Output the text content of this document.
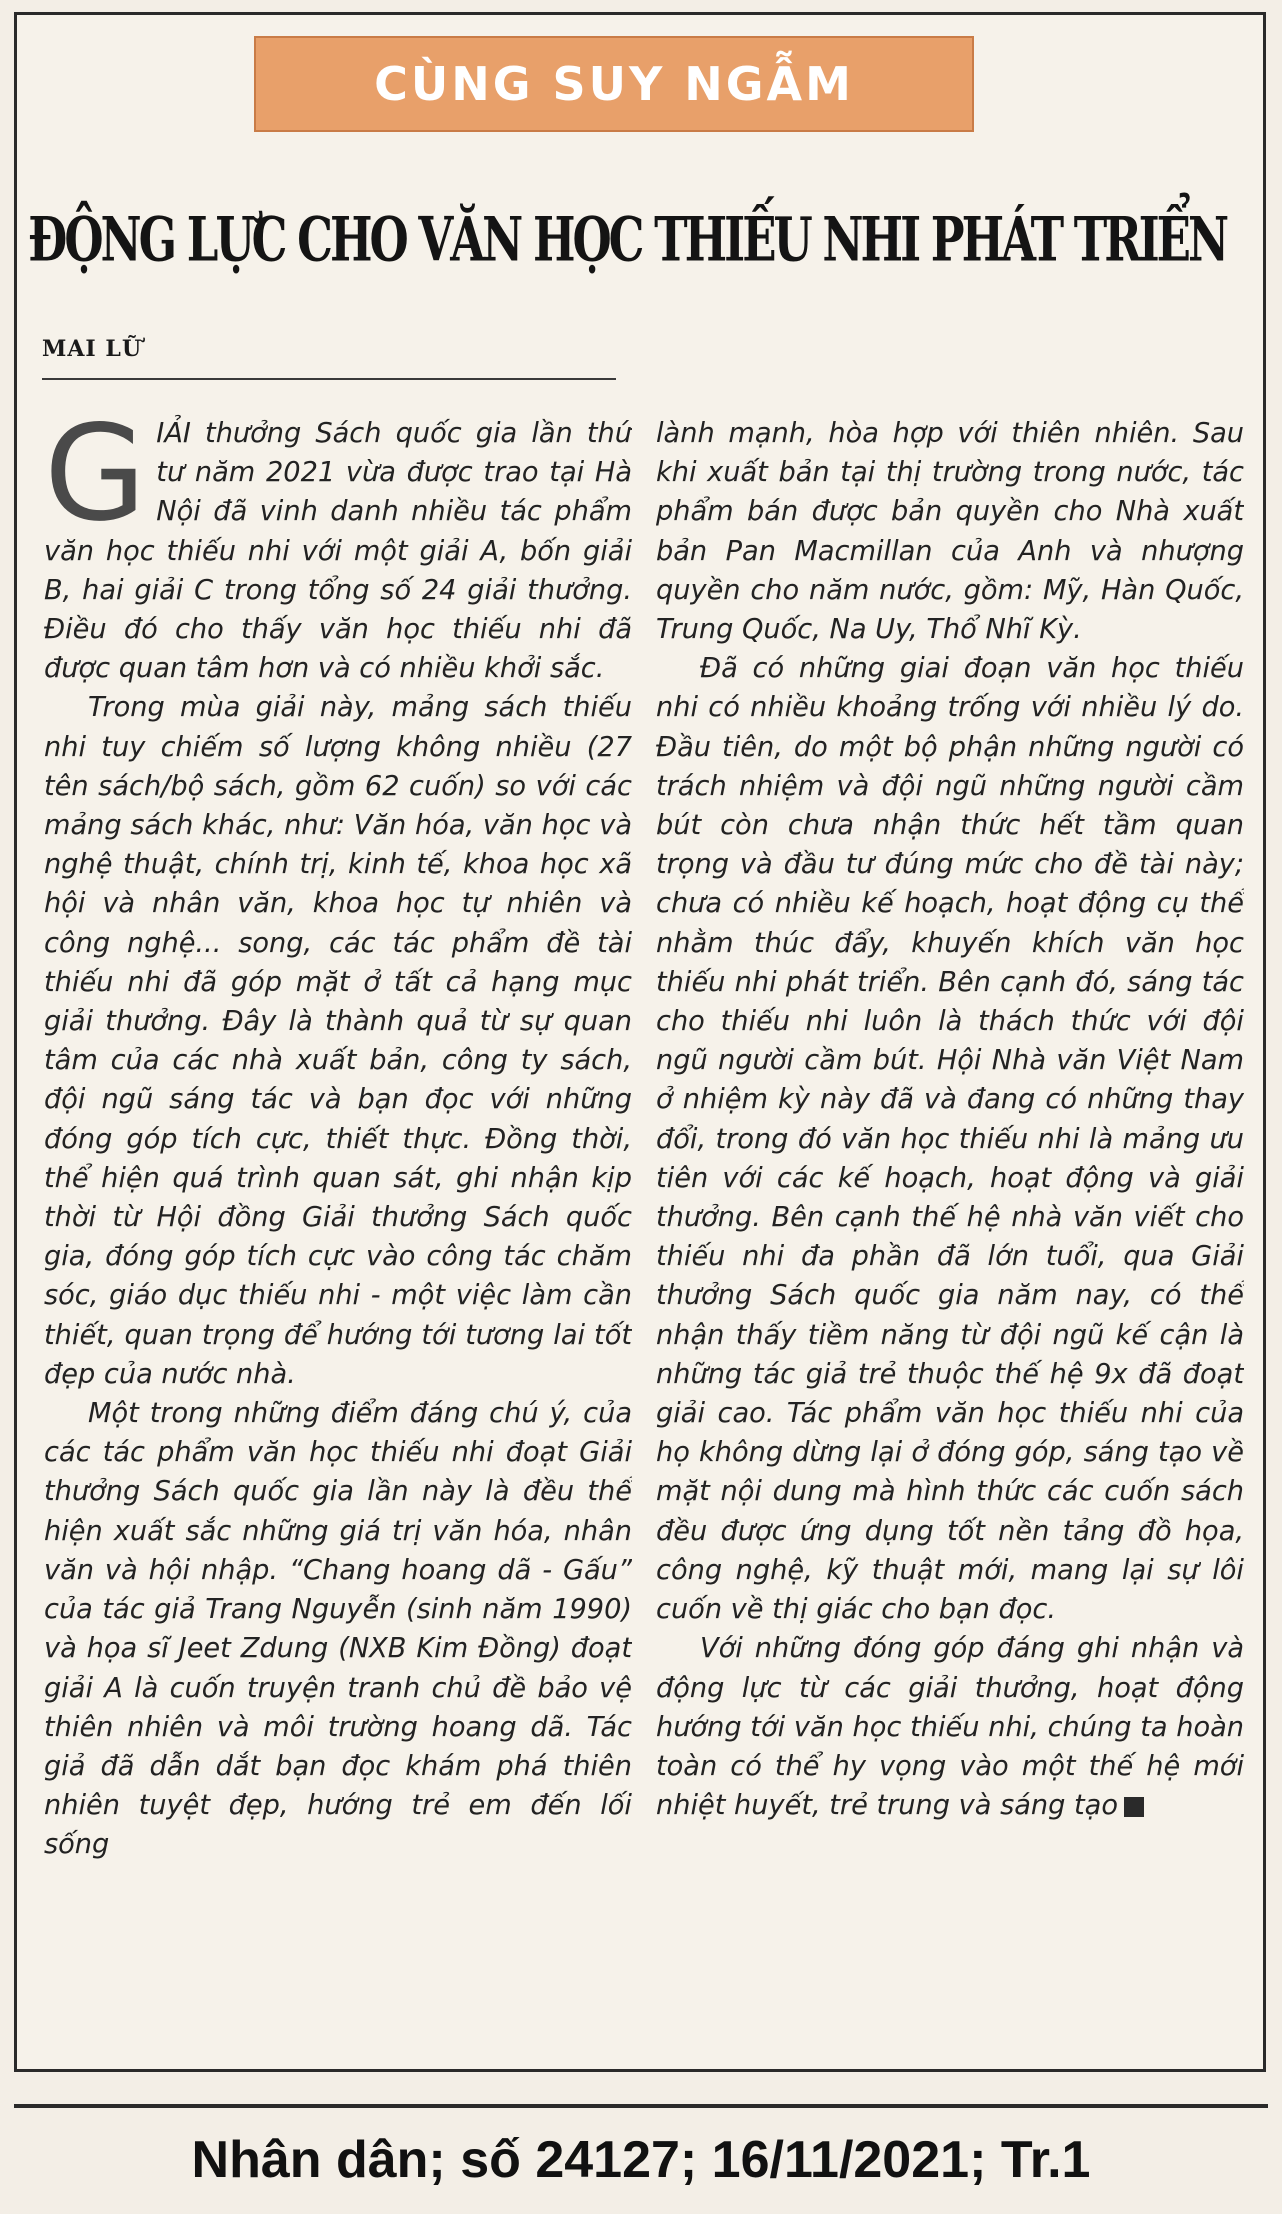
CÙNG SUY NGẪM
ĐỘNG LỰC CHO VĂN HỌC THIẾU NHI PHÁT TRIỂN

MAI LỮ

GIẢI thưởng Sách quốc gia lần thứ tư năm 2021 vừa được trao tại Hà Nội đã vinh danh nhiều tác phẩm văn học thiếu nhi với một giải A, bốn giải B, hai giải C trong tổng số 24 giải thưởng. Điều đó cho thấy văn học thiếu nhi đã được quan tâm hơn và có nhiều khởi sắc.

Trong mùa giải này, mảng sách thiếu nhi tuy chiếm số lượng không nhiều (27 tên sách/bộ sách, gồm 62 cuốn) so với các mảng sách khác, như: Văn hóa, văn học và nghệ thuật, chính trị, kinh tế, khoa học xã hội và nhân văn, khoa học tự nhiên và công nghệ... song, các tác phẩm đề tài thiếu nhi đã góp mặt ở tất cả hạng mục giải thưởng. Đây là thành quả từ sự quan tâm của các nhà xuất bản, công ty sách, đội ngũ sáng tác và bạn đọc với những đóng góp tích cực, thiết thực. Đồng thời, thể hiện quá trình quan sát, ghi nhận kịp thời từ Hội đồng Giải thưởng Sách quốc gia, đóng góp tích cực vào công tác chăm sóc, giáo dục thiếu nhi - một việc làm cần thiết, quan trọng để hướng tới tương lai tốt đẹp của nước nhà.

Một trong những điểm đáng chú ý, của các tác phẩm văn học thiếu nhi đoạt Giải thưởng Sách quốc gia lần này là đều thể hiện xuất sắc những giá trị văn hóa, nhân văn và hội nhập. “Chang hoang dã - Gấu” của tác giả Trang Nguyễn (sinh năm 1990) và họa sĩ Jeet Zdung (NXB Kim Đồng) đoạt giải A là cuốn truyện tranh chủ đề bảo vệ thiên nhiên và môi trường hoang dã. Tác giả đã dẫn dắt bạn đọc khám phá thiên nhiên tuyệt đẹp, hướng trẻ em đến lối sống

lành mạnh, hòa hợp với thiên nhiên. Sau khi xuất bản tại thị trường trong nước, tác phẩm bán được bản quyền cho Nhà xuất bản Pan Macmillan của Anh và nhượng quyền cho năm nước, gồm: Mỹ, Hàn Quốc, Trung Quốc, Na Uy, Thổ Nhĩ Kỳ.

Đã có những giai đoạn văn học thiếu nhi có nhiều khoảng trống với nhiều lý do. Đầu tiên, do một bộ phận những người có trách nhiệm và đội ngũ những người cầm bút còn chưa nhận thức hết tầm quan trọng và đầu tư đúng mức cho đề tài này; chưa có nhiều kế hoạch, hoạt động cụ thể nhằm thúc đẩy, khuyến khích văn học thiếu nhi phát triển. Bên cạnh đó, sáng tác cho thiếu nhi luôn là thách thức với đội ngũ người cầm bút. Hội Nhà văn Việt Nam ở nhiệm kỳ này đã và đang có những thay đổi, trong đó văn học thiếu nhi là mảng ưu tiên với các kế hoạch, hoạt động và giải thưởng. Bên cạnh thế hệ nhà văn viết cho thiếu nhi đa phần đã lớn tuổi, qua Giải thưởng Sách quốc gia năm nay, có thể nhận thấy tiềm năng từ đội ngũ kế cận là những tác giả trẻ thuộc thế hệ 9x đã đoạt giải cao. Tác phẩm văn học thiếu nhi của họ không dừng lại ở đóng góp, sáng tạo về mặt nội dung mà hình thức các cuốn sách đều được ứng dụng tốt nền tảng đồ họa, công nghệ, kỹ thuật mới, mang lại sự lôi cuốn về thị giác cho bạn đọc.

Với những đóng góp đáng ghi nhận và động lực từ các giải thưởng, hoạt động hướng tới văn học thiếu nhi, chúng ta hoàn toàn có thể hy vọng vào một thế hệ mới nhiệt huyết, trẻ trung và sáng tạo

Nhân dân; số 24127; 16/11/2021; Tr.1
